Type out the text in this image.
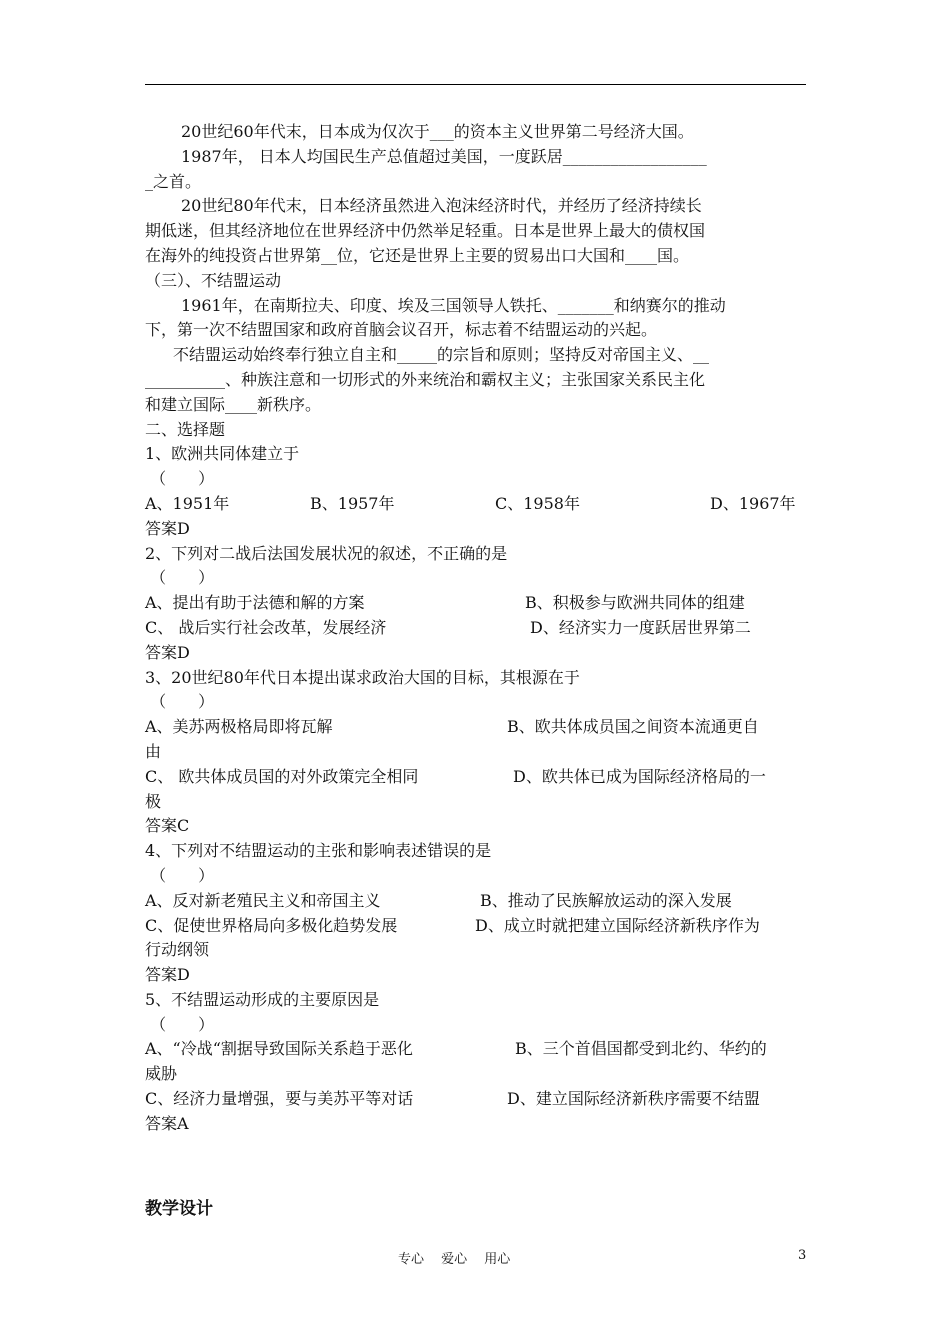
20世纪60年代末，日本成为仅次于___的资本主义世界第二号经济大国。
1987年， 日本人均国民生产总值超过美国，一度跃居__________________
_之首。
20世纪80年代末，日本经济虽然进入泡沫经济时代，并经历了经济持续长
期低迷，但其经济地位在世界经济中仍然举足轻重。日本是世界上最大的债权国
在海外的纯投资占世界第__位，它还是世界上主要的贸易出口大国和____国。
（三）、不结盟运动
1961年，在南斯拉夫、印度、埃及三国领导人铁托、_______和纳赛尔的推动
下，第一次不结盟国家和政府首脑会议召开，标志着不结盟运动的兴起。
不结盟运动始终奉行独立自主和_____的宗旨和原则；坚持反对帝国主义、__
__________、种族注意和一切形式的外来统治和霸权主义；主张国家关系民主化
和建立国际____新秩序。
二、选择题
1、欧洲共同体建立于
（　　）
A、1951年	B、1957年	C、1958年	D、1967年
答案D
2、下列对二战后法国发展状况的叙述，不正确的是
（　　）
A、提出有助于法德和解的方案	B、积极参与欧洲共同体的组建
C、 战后实行社会改革，发展经济	D、经济实力一度跃居世界第二
答案D
3、20世纪80年代日本提出谋求政治大国的目标，其根源在于
（　　）
A、美苏两极格局即将瓦解	B、欧共体成员国之间资本流通更自
由
C、 欧共体成员国的对外政策完全相同	D、欧共体已成为国际经济格局的一
极
答案C
4、下列对不结盟运动的主张和影响表述错误的是
（　　）
A、反对新老殖民主义和帝国主义	B、推动了民族解放运动的深入发展
C、促使世界格局向多极化趋势发展	D、成立时就把建立国际经济新秩序作为
行动纲领
答案D
5、不结盟运动形成的主要原因是
（　　）
A、“冷战“割据导致国际关系趋于恶化	B、三个首倡国都受到北约、华约的
威胁
C、经济力量增强，要与美苏平等对话	D、建立国际经济新秩序需要不结盟
答案A
教学设计
专心　 爱心　 用心	3
